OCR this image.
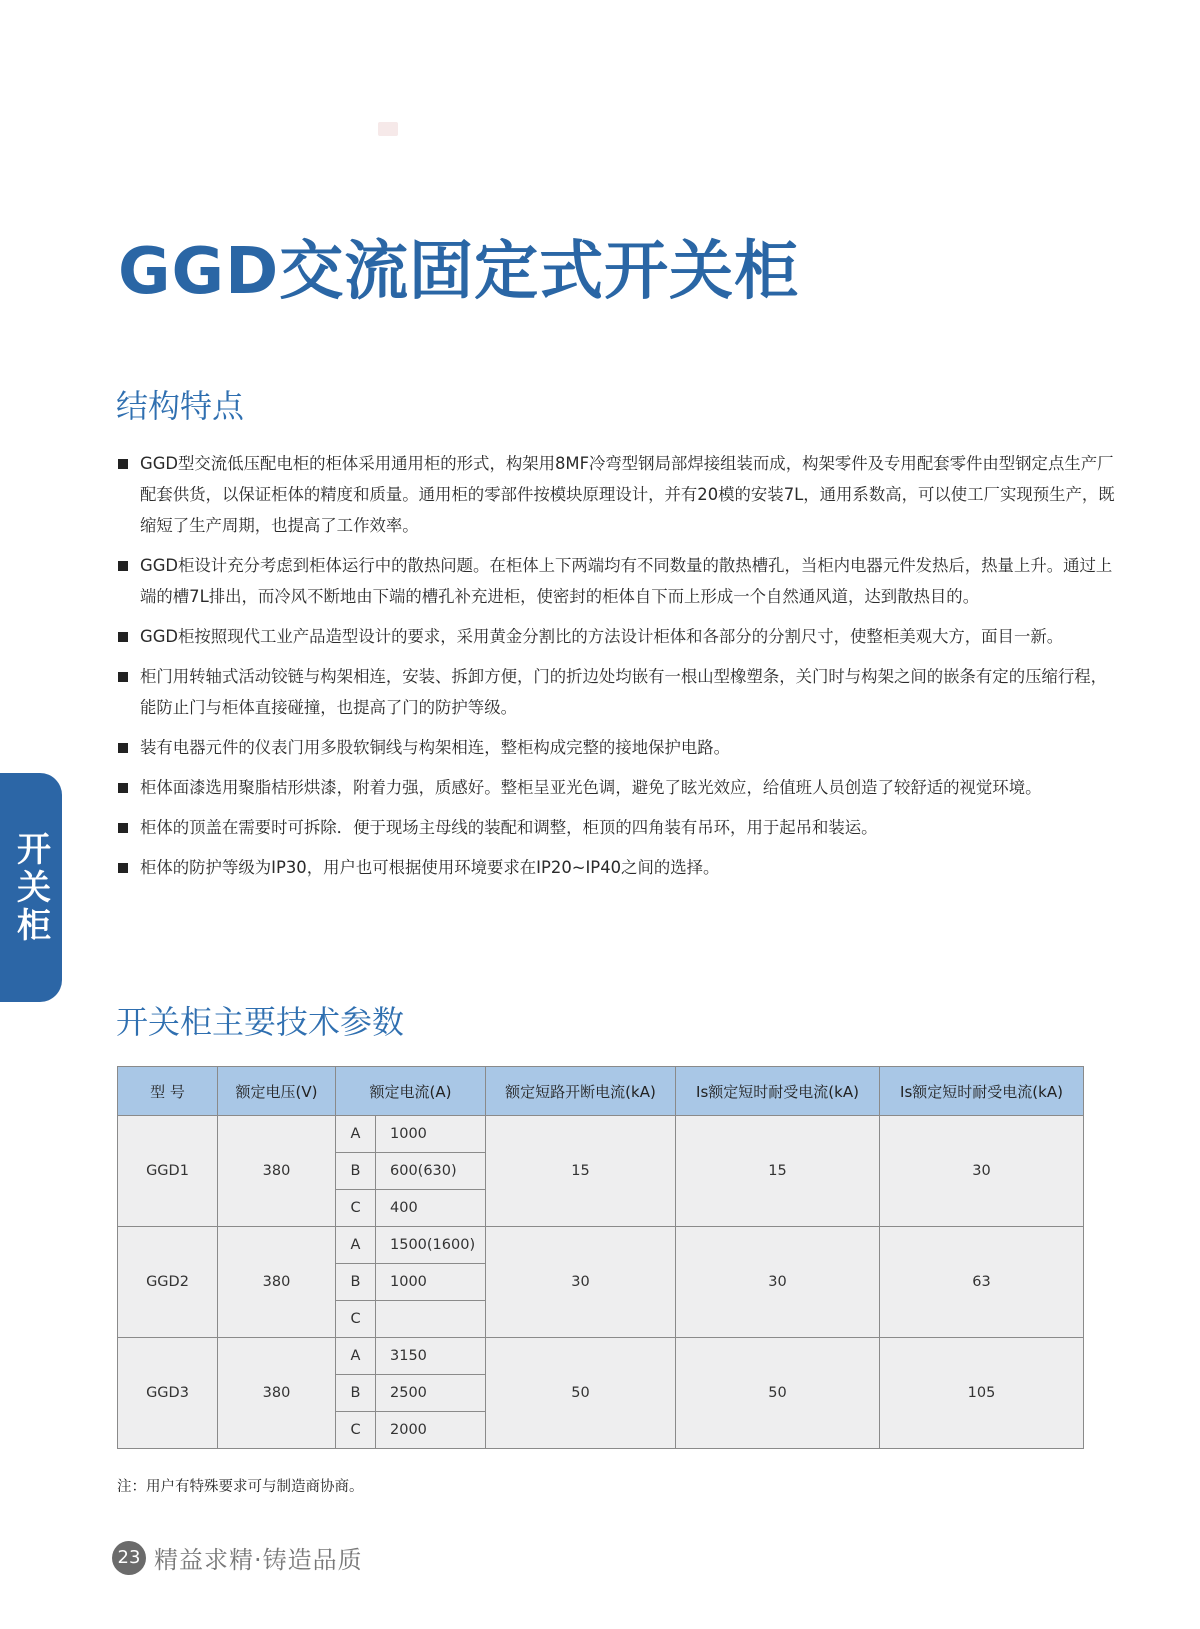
GGD交流固定式开关柜
开关柜
结构特点
GGD型交流低压配电柜的柜体采用通用柜的形式，构架用8MF冷弯型钢局部焊接组装而成，构架零件及专用配套零件由型钢定点生产厂配套供货，以保证柜体的精度和质量。通用柜的零部件按模块原理设计，并有20模的安装7L，通用系数高，可以使工厂实现预生产，既缩短了生产周期，也提高了工作效率。
GGD柜设计充分考虑到柜体运行中的散热问题。在柜体上下两端均有不同数量的散热槽孔，当柜内电器元件发热后，热量上升。通过上端的槽7L排出，而冷风不断地由下端的槽孔补充进柜，使密封的柜体自下而上形成一个自然通风道，达到散热目的。
GGD柜按照现代工业产品造型设计的要求，采用黄金分割比的方法设计柜体和各部分的分割尺寸，使整柜美观大方，面目一新。
柜门用转轴式活动铰链与构架相连，安装、拆卸方便，门的折边处均嵌有一根山型橡塑条，关门时与构架之间的嵌条有定的压缩行程，能防止门与柜体直接碰撞，也提高了门的防护等级。
装有电器元件的仪表门用多股软铜线与构架相连，整柜构成完整的接地保护电路。
柜体面漆选用聚脂桔形烘漆，附着力强，质感好。整柜呈亚光色调，避免了眩光效应，给值班人员创造了较舒适的视觉环境。
柜体的顶盖在需要时可拆除．便于现场主母线的装配和调整，柜顶的四角装有吊环，用于起吊和装运。
柜体的防护等级为IP30，用户也可根据使用环境要求在IP20~IP40之间的选择。
开关柜主要技术参数
型 号	额定电压(V)	额定电流(A)		额定短路开断电流(kA)	Is额定短时耐受电流(kA)	Is额定短时耐受电流(kA)
GGD1	380	A	1000	15	15	30
		B	600(630)			
		C	400			
GGD2	380	A	1500(1600)	30	30	63
		B	1000			
		C				
GGD3	380	A	3150	50	50	105
		B	2500			
		C	2000			
注：用户有特殊要求可与制造商协商。
23 精益求精·铸造品质
